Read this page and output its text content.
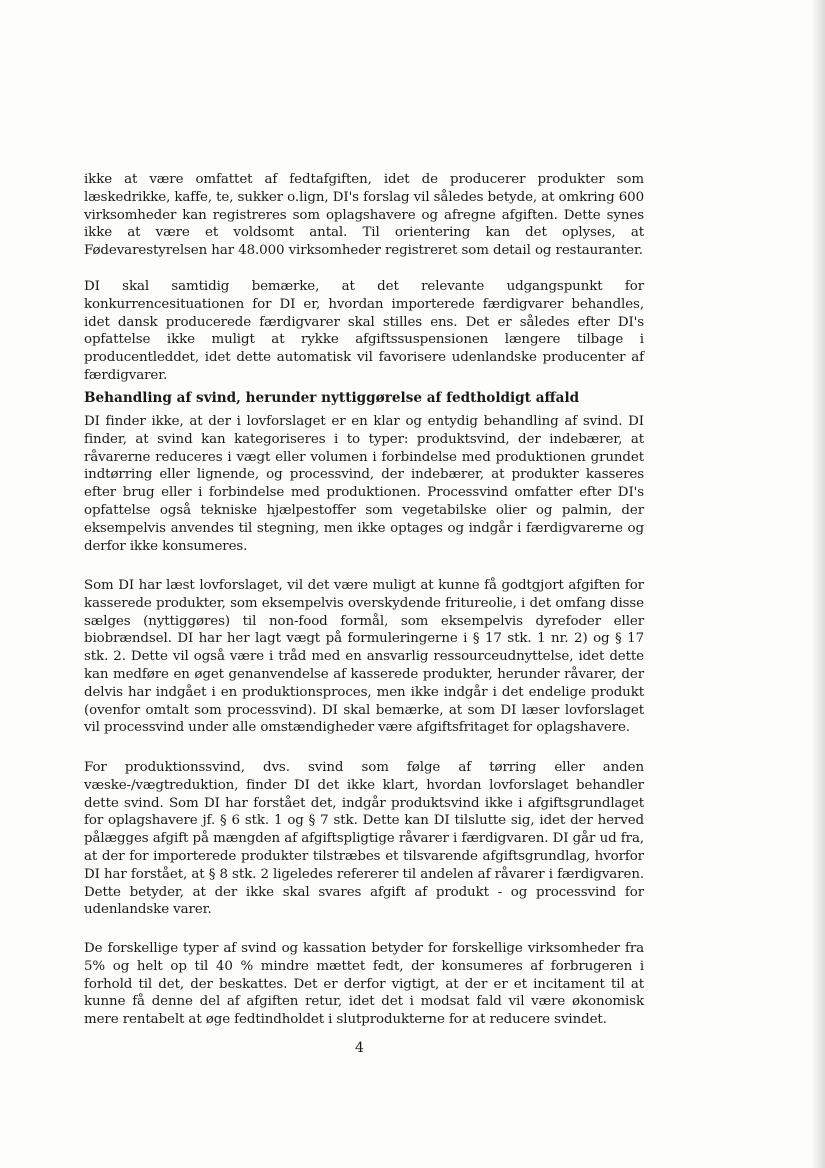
ikke at være omfattet af fedtafgiften, idet de producerer produkter som læskedrikke, kaffe, te, sukker o.lign, DI's forslag vil således betyde, at omkring 600 virksomheder kan registreres som oplagshavere og afregne afgiften. Dette synes ikke at være et voldsomt antal. Til orientering kan det oplyses, at Fødevarestyrelsen har 48.000 virksomheder registreret som detail og restauranter.

DI skal samtidig bemærke, at det relevante udgangspunkt for konkurrencesituationen for DI er, hvordan importerede færdigvarer behandles, idet dansk producerede færdigvarer skal stilles ens. Det er således efter DI's opfattelse ikke muligt at rykke afgiftssuspensionen længere tilbage i producentleddet, idet dette automatisk vil favorisere udenlandske producenter af færdigvarer.

Behandling af svind, herunder nyttiggørelse af fedtholdigt affald

DI finder ikke, at der i lovforslaget er en klar og entydig behandling af svind. DI finder, at svind kan kategoriseres i to typer: produktsvind, der indebærer, at råvarerne reduceres i vægt eller volumen i forbindelse med produktionen grundet indtørring eller lignende, og processvind, der indebærer, at produkter kasseres efter brug eller i forbindelse med produktionen. Processvind omfatter efter DI's opfattelse også tekniske hjælpestoffer som vegetabilske olier og palmin, der eksempelvis anvendes til stegning, men ikke optages og indgår i færdigvarerne og derfor ikke konsumeres.

Som DI har læst lovforslaget, vil det være muligt at kunne få godtgjort afgiften for kasserede produkter, som eksempelvis overskydende fritureolie, i det omfang disse sælges (nyttiggøres) til non-food formål, som eksempelvis dyrefoder eller biobrændsel. DI har her lagt vægt på formuleringerne i § 17 stk. 1 nr. 2) og § 17 stk. 2. Dette vil også være i tråd med en ansvarlig ressourceudnyttelse, idet dette kan medføre en øget genanvendelse af kasserede produkter, herunder råvarer, der delvis har indgået i en produktionsproces, men ikke indgår i det endelige produkt (ovenfor omtalt som processvind). DI skal bemærke, at som DI læser lovforslaget vil processvind under alle omstændigheder være afgiftsfritaget for oplagshavere.

For produktionssvind, dvs. svind som følge af tørring eller anden væske-/vægtreduktion, finder DI det ikke klart, hvordan lovforslaget behandler dette svind. Som DI har forstået det, indgår produktsvind ikke i afgiftsgrundlaget for oplagshavere jf. § 6 stk. 1 og § 7 stk. Dette kan DI tilslutte sig, idet der herved pålægges afgift på mængden af afgiftspligtige råvarer i færdigvaren. DI går ud fra, at der for importerede produkter tilstræbes et tilsvarende afgiftsgrundlag, hvorfor DI har forstået, at § 8 stk. 2 ligeledes refererer til andelen af råvarer i færdigvaren. Dette betyder, at der ikke skal svares afgift af produkt - og processvind for udenlandske varer.

De forskellige typer af svind og kassation betyder for forskellige virksomheder fra 5% og helt op til 40 % mindre mættet fedt, der konsumeres af forbrugeren i forhold til det, der beskattes. Det er derfor vigtigt, at der er et incitament til at kunne få denne del af afgiften retur, idet det i modsat fald vil være økonomisk mere rentabelt at øge fedtindholdet i slutprodukterne for at reducere svindet.

4
